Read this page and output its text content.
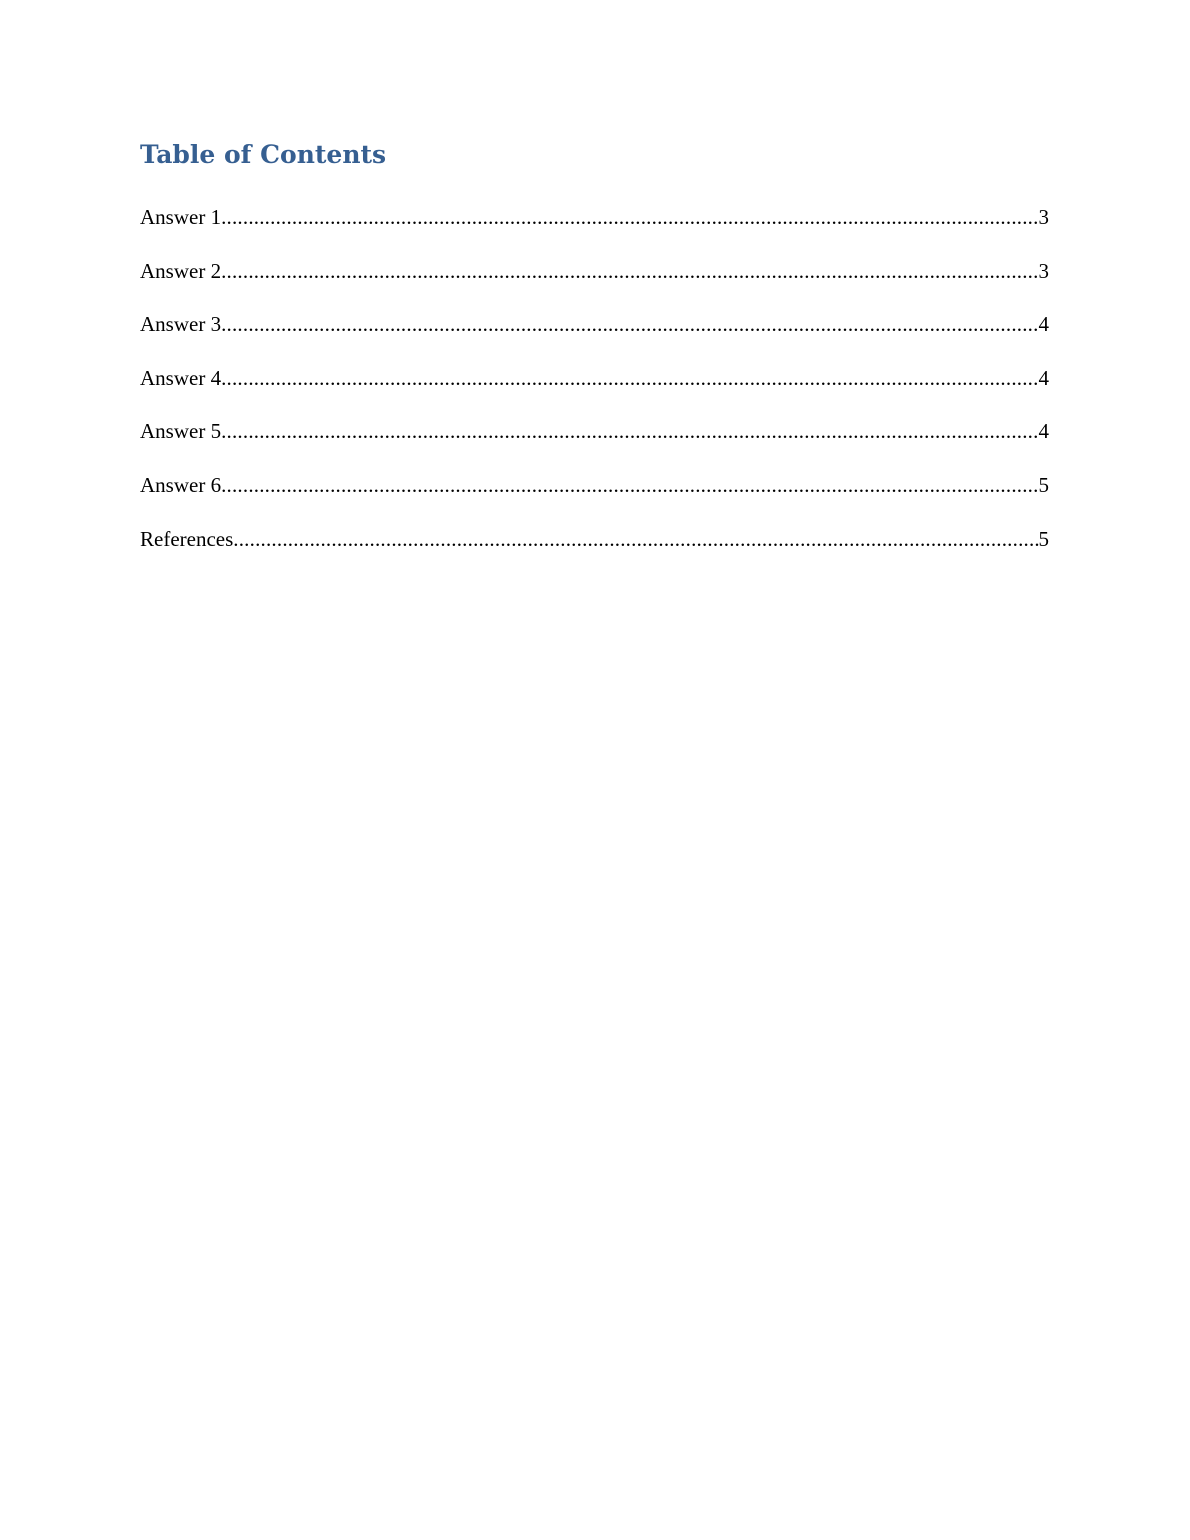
Table of Contents
Answer 1 .....	3
Answer 2 .....	3
Answer 3 .....	4
Answer 4 .....	4
Answer 5 .....	4
Answer 6 .....	5
References .....	5
